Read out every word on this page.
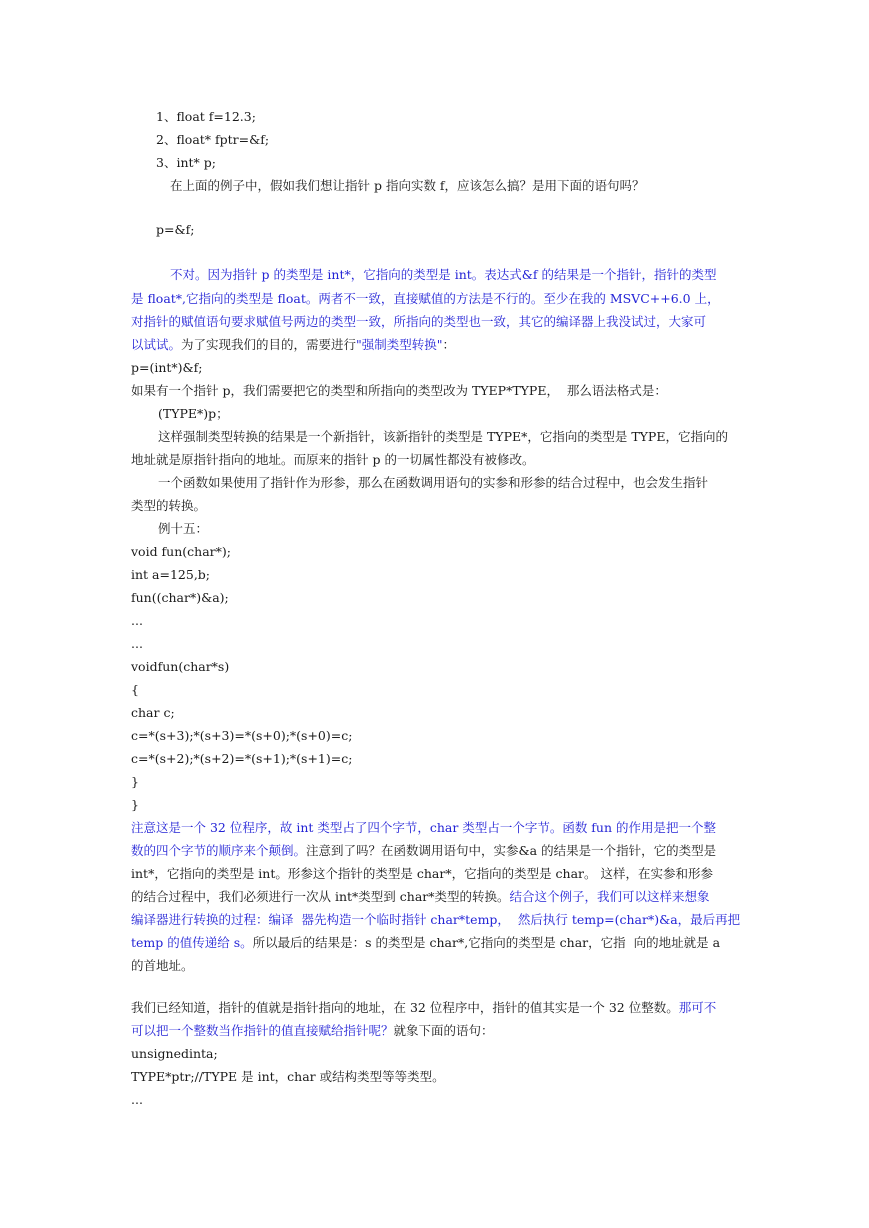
1、float f=12.3;
2、float* fptr=&f;
3、int* p;
在上面的例子中，假如我们想让指针 p 指向实数 f，应该怎么搞？是用下面的语句吗？
p=&f;
不对。因为指针 p 的类型是 int*，它指向的类型是 int。表达式&f 的结果是一个指针，指针的类型
是 float*,它指向的类型是 float。两者不一致，直接赋值的方法是不行的。至少在我的 MSVC++6.0 上，
对指针的赋值语句要求赋值号两边的类型一致，所指向的类型也一致，其它的编译器上我没试过，大家可
以试试。为了实现我们的目的，需要进行"强制类型转换"：
p=(int*)&f;
如果有一个指针 p，我们需要把它的类型和所指向的类型改为 TYEP*TYPE，  那么语法格式是：
(TYPE*)p；
这样强制类型转换的结果是一个新指针，该新指针的类型是 TYPE*，它指向的类型是 TYPE，它指向的
地址就是原指针指向的地址。而原来的指针 p 的一切属性都没有被修改。
一个函数如果使用了指针作为形参，那么在函数调用语句的实参和形参的结合过程中，也会发生指针
类型的转换。
例十五：
void fun(char*);
int a=125,b;
fun((char*)&a);
...
...
voidfun(char*s)
{
char c;
c=*(s+3);*(s+3)=*(s+0);*(s+0)=c;
c=*(s+2);*(s+2)=*(s+1);*(s+1)=c;
}
}
注意这是一个 32 位程序，故 int 类型占了四个字节，char 类型占一个字节。函数 fun 的作用是把一个整
数的四个字节的顺序来个颠倒。注意到了吗？在函数调用语句中，实参&a 的结果是一个指针，它的类型是
int*，它指向的类型是 int。形参这个指针的类型是 char*，它指向的类型是 char。 这样，在实参和形参
的结合过程中，我们必须进行一次从 int*类型到 char*类型的转换。结合这个例子，我们可以这样来想象
编译器进行转换的过程：编译  器先构造一个临时指针 char*temp，  然后执行 temp=(char*)&a，最后再把
temp 的值传递给 s。所以最后的结果是：s 的类型是 char*,它指向的类型是 char，它指  向的地址就是 a
的首地址。
我们已经知道，指针的值就是指针指向的地址，在 32 位程序中，指针的值其实是一个 32 位整数。那可不
可以把一个整数当作指针的值直接赋给指针呢？就象下面的语句：
unsignedinta;
TYPE*ptr;//TYPE 是 int，char 或结构类型等等类型。
...
